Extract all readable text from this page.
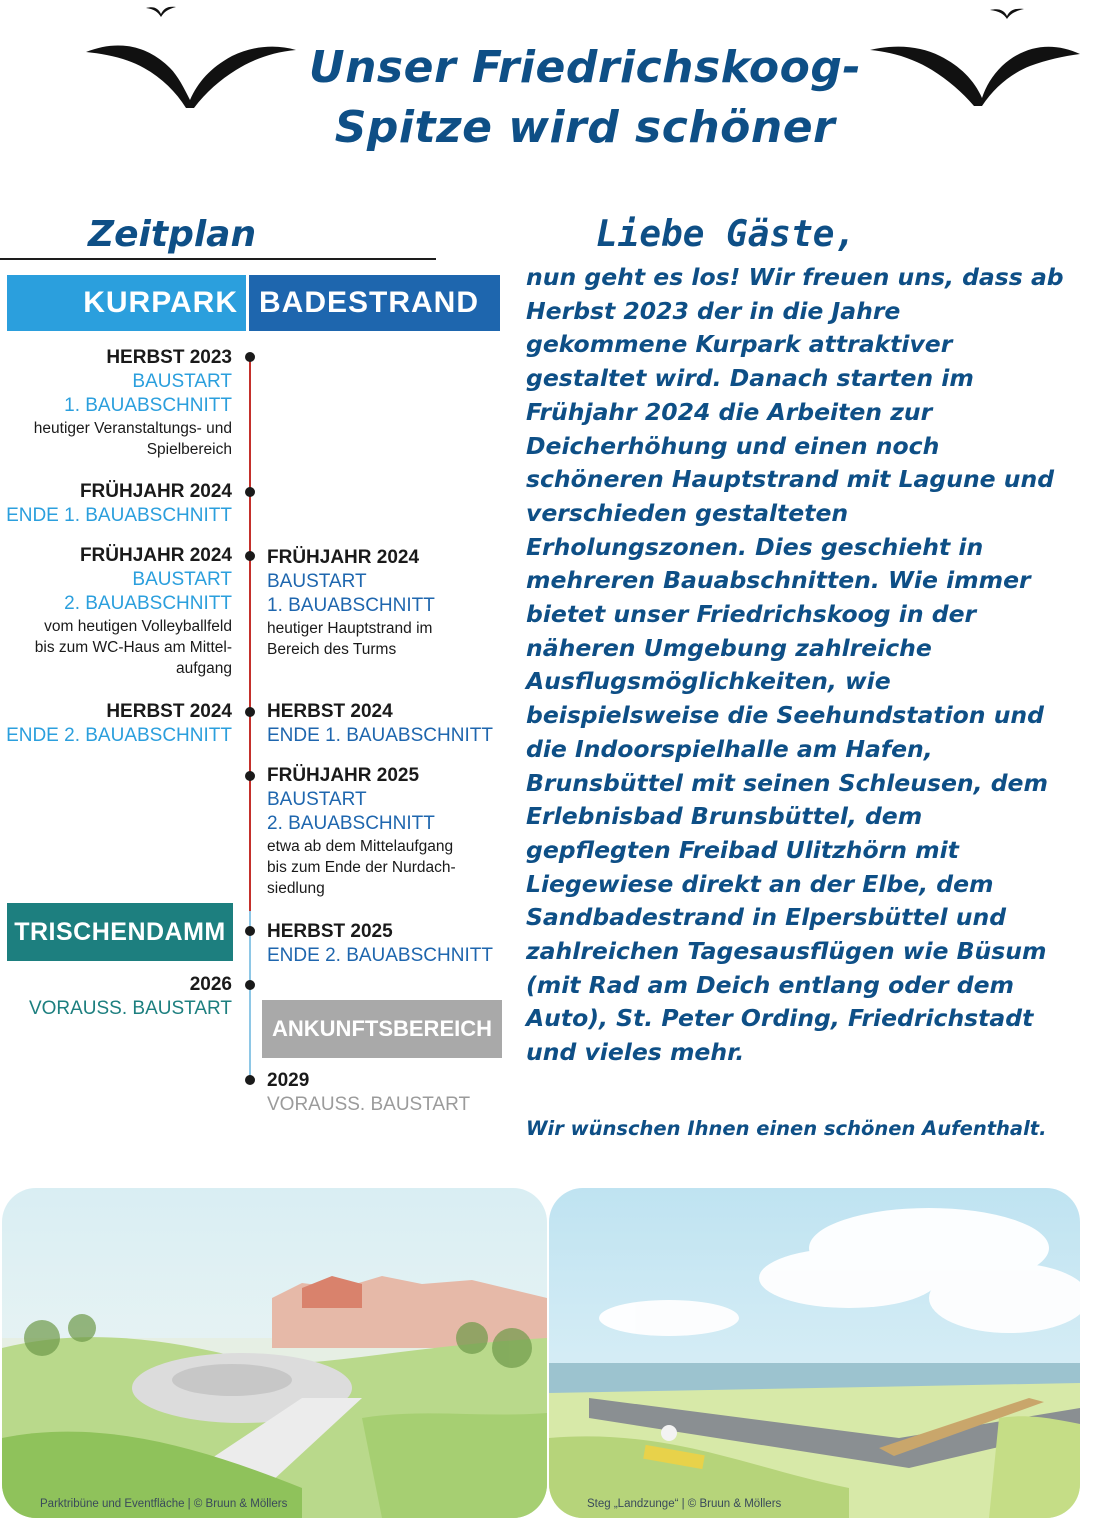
Unser Friedrichskoog-
Spitze wird schöner
Zeitplan
KURPARK BADESTRAND
HERBST 2023
BAUSTART
1. BAUABSCHNITT
heutiger Veranstaltungs- und
Spielbereich
FRÜHJAHR 2024
ENDE 1. BAUABSCHNITT
FRÜHJAHR 2024
BAUSTART
2. BAUABSCHNITT
vom heutigen Volleyballfeld
bis zum WC-Haus am Mittel-
aufgang
HERBST 2024
ENDE 2. BAUABSCHNITT
FRÜHJAHR 2024
BAUSTART
1. BAUABSCHNITT
heutiger Hauptstrand im
Bereich des Turms
HERBST 2024
ENDE 1. BAUABSCHNITT
FRÜHJAHR 2025
BAUSTART
2. BAUABSCHNITT
etwa ab dem Mittelaufgang
bis zum Ende der Nurdach-
siedlung
HERBST 2025
ENDE 2. BAUABSCHNITT
TRISCHENDAMM
2026
VORAUSS. BAUSTART
ANKUNFTSBEREICH
2029
VORAUSS. BAUSTART
Liebe Gäste,
nun geht es los! Wir freuen uns, dass ab
Herbst 2023 der in die Jahre
gekommene Kurpark attraktiver
gestaltet wird. Danach starten im
Frühjahr 2024 die Arbeiten zur
Deicherhöhung und einen noch
schöneren Hauptstrand mit Lagune und
verschieden gestalteten
Erholungszonen. Dies geschieht in
mehreren Bauabschnitten. Wie immer
bietet unser Friedrichskoog in der
näheren Umgebung zahlreiche
Ausflugsmöglichkeiten, wie
beispielsweise die Seehundstation und
die Indoorspielhalle am Hafen,
Brunsbüttel mit seinen Schleusen, dem
Erlebnisbad Brunsbüttel, dem
gepflegten Freibad Ulitzhörn mit
Liegewiese direkt an der Elbe, dem
Sandbadestrand in Elpersbüttel und
zahlreichen Tagesausflügen wie Büsum
(mit Rad am Deich entlang oder dem
Auto), St. Peter Ording, Friedrichstadt
und vieles mehr.
Wir wünschen Ihnen einen schönen Aufenthalt.
Parktribüne und Eventfläche | © Bruun & Möllers	Steg „Landzunge“ | © Bruun & Möllers
